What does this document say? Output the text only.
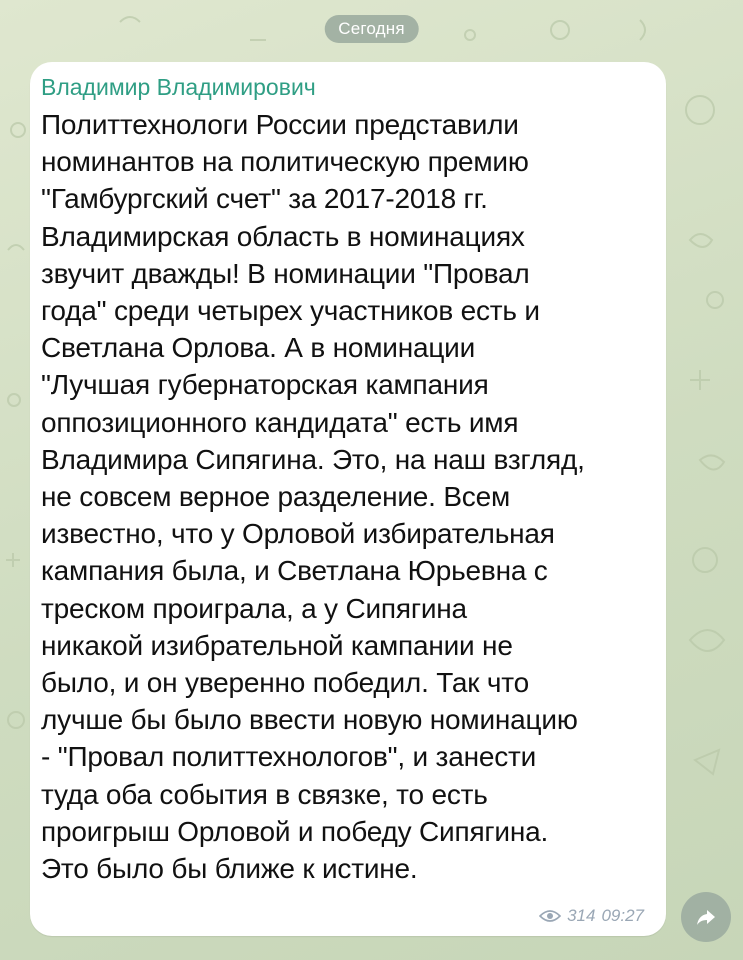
Сегодня
Владимир Владимирович
Политтехнологи России представили
номинантов на политическую премию
"Гамбургский счет" за 2017-2018 гг.
Владимирская область в номинациях
звучит дважды! В номинации "Провал
года" среди четырех участников есть и
Светлана Орлова. А в номинации
"Лучшая губернаторская кампания
оппозиционного кандидата" есть имя
Владимира Сипягина. Это, на наш взгляд,
не совсем верное разделение. Всем
известно, что у Орловой избирательная
кампания была, и Светлана Юрьевна с
треском проиграла, а у Сипягина
никакой изибрательной кампании не
было, и он уверенно победил. Так что
лучше бы было ввести новую номинацию
- "Провал политтехнологов", и занести
туда оба события в связке, то есть
проигрыш Орловой и победу Сипягина.
Это было бы ближе к истине.
314 09:27
